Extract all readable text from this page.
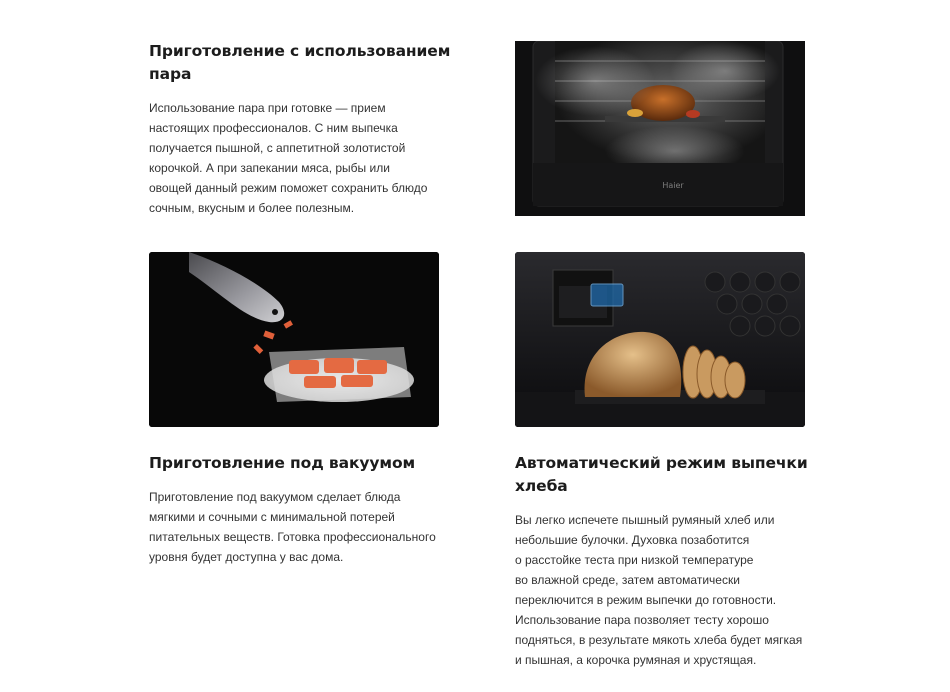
Приготовление с использованием
пара

Использование пара при готовке — прием
настоящих профессионалов. С ним выпечка
получается пышной, с аппетитной золотистой
корочкой. А при запекании мяса, рыбы или
овощей данный режим поможет сохранить блюдо
сочным, вкусным и более полезным.

Haier
Приготовление под вакуумом

Приготовление под вакуумом сделает блюда
мягкими и сочными с минимальной потерей
питательных веществ. Готовка профессионального
уровня будет доступна у вас дома.

Автоматический режим выпечки
хлеба

Вы легко испечете пышный румяный хлеб или
небольшие булочки. Духовка позаботится
о расстойке теста при низкой температуре
во влажной среде, затем автоматически
переключится в режим выпечки до готовности.
Использование пара позволяет тесту хорошо
подняться, в результате мякоть хлеба будет мягкая
и пышная, а корочка румяная и хрустящая.
